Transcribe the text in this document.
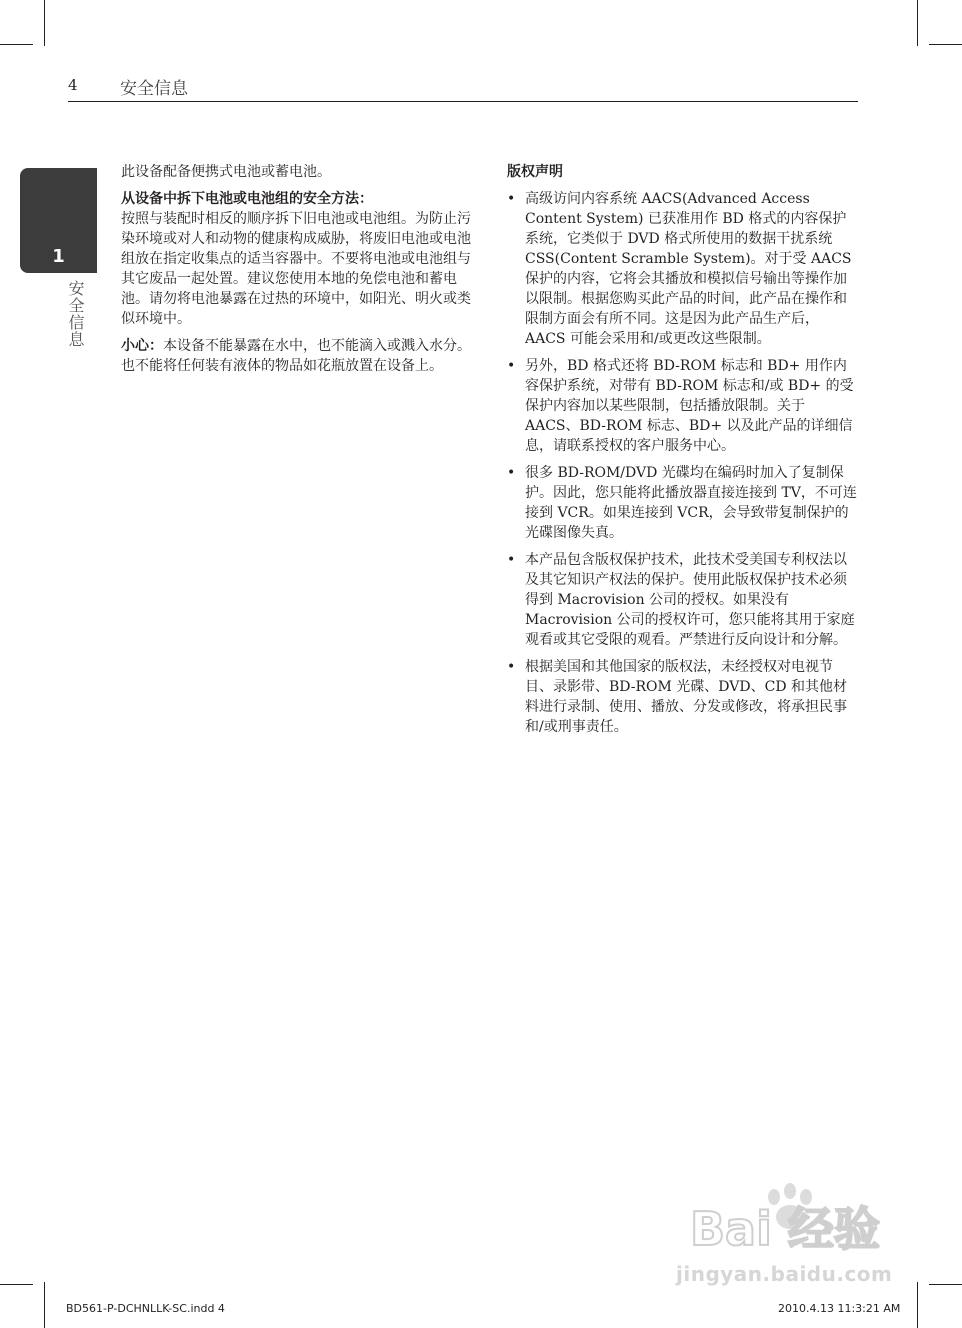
4 安全信息
1
安全信息

此设备配备便携式电池或蓄电池。

从设备中拆下电池或电池组的安全方法：

按照与装配时相反的顺序拆下旧电池或电池组。为防止污染环境或对人和动物的健康构成威胁，将废旧电池或电池组放在指定收集点的适当容器中。不要将电池或电池组与其它废品一起处置。建议您使用本地的免偿电池和蓄电池。请勿将电池暴露在过热的环境中，如阳光、明火或类似环境中。

小心：本设备不能暴露在水中，也不能滴入或溅入水分。也不能将任何装有液体的物品如花瓶放置在设备上。

版权声明
• 高级访问内容系统 AACS(Advanced Access Content System) 已获准用作 BD 格式的内容保护系统，它类似于 DVD 格式所使用的数据干扰系统 CSS(Content Scramble System)。对于受 AACS 保护的内容，它将会其播放和模拟信号输出等操作加以限制。根据您购买此产品的时间，此产品在操作和限制方面会有所不同。这是因为此产品生产后，AACS 可能会采用和/或更改这些限制。
• 另外，BD 格式还将 BD-ROM 标志和 BD+ 用作内容保护系统，对带有 BD-ROM 标志和/或 BD+ 的受保护内容加以某些限制，包括播放限制。关于 AACS、BD-ROM 标志、BD+ 以及此产品的详细信息，请联系授权的客户服务中心。
• 很多 BD-ROM/DVD 光碟均在编码时加入了复制保护。因此，您只能将此播放器直接连接到 TV，不可连接到 VCR。如果连接到 VCR，会导致带复制保护的光碟图像失真。
• 本产品包含版权保护技术，此技术受美国专利权法以及其它知识产权法的保护。使用此版权保护技术必须得到 Macrovision 公司的授权。如果没有 Macrovision 公司的授权许可，您只能将其用于家庭观看或其它受限的观看。严禁进行反向设计和分解。
• 根据美国和其他国家的版权法，未经授权对电视节目、录影带、BD-ROM 光碟、DVD、CD 和其他材料进行录制、使用、播放、分发或修改，将承担民事和/或刑事责任。
Bai 经验
jingyan.baidu.com
BD561-P-DCHNLLK-SC.indd 4	2010.4.13 11:3:21 AM
